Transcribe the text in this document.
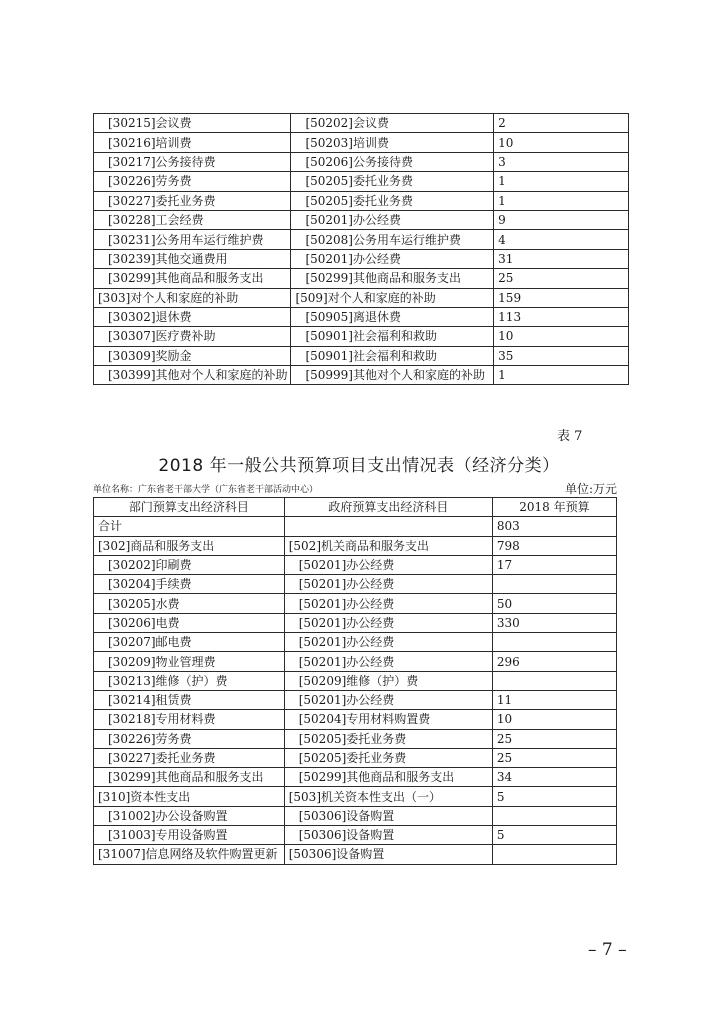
[30215]会议费	[50202]会议费	2
[30216]培训费	[50203]培训费	10
[30217]公务接待费	[50206]公务接待费	3
[30226]劳务费	[50205]委托业务费	1
[30227]委托业务费	[50205]委托业务费	1
[30228]工会经费	[50201]办公经费	9
[30231]公务用车运行维护费	[50208]公务用车运行维护费	4
[30239]其他交通费用	[50201]办公经费	31
[30299]其他商品和服务支出	[50299]其他商品和服务支出	25
[303]对个人和家庭的补助	[509]对个人和家庭的补助	159
[30302]退休费	[50905]离退休费	113
[30307]医疗费补助	[50901]社会福利和救助	10
[30309]奖励金	[50901]社会福利和救助	35
[30399]其他对个人和家庭的补助	[50999]其他对个人和家庭的补助	1
表 7
2018 年一般公共预算项目支出情况表（经济分类）
单位名称：广东省老干部大学（广东省老干部活动中心）	单位:万元
部门预算支出经济科目	政府预算支出经济科目	2018 年预算
合计		803
[302]商品和服务支出	[502]机关商品和服务支出	798
[30202]印刷费	[50201]办公经费	17
[30204]手续费	[50201]办公经费	
[30205]水费	[50201]办公经费	50
[30206]电费	[50201]办公经费	330
[30207]邮电费	[50201]办公经费	
[30209]物业管理费	[50201]办公经费	296
[30213]维修（护）费	[50209]维修（护）费	
[30214]租赁费	[50201]办公经费	11
[30218]专用材料费	[50204]专用材料购置费	10
[30226]劳务费	[50205]委托业务费	25
[30227]委托业务费	[50205]委托业务费	25
[30299]其他商品和服务支出	[50299]其他商品和服务支出	34
[310]资本性支出	[503]机关资本性支出（一）	5
[31002]办公设备购置	[50306]设备购置	
[31003]专用设备购置	[50306]设备购置	5
[31007]信息网络及软件购置更新	[50306]设备购置	
– 7 –
